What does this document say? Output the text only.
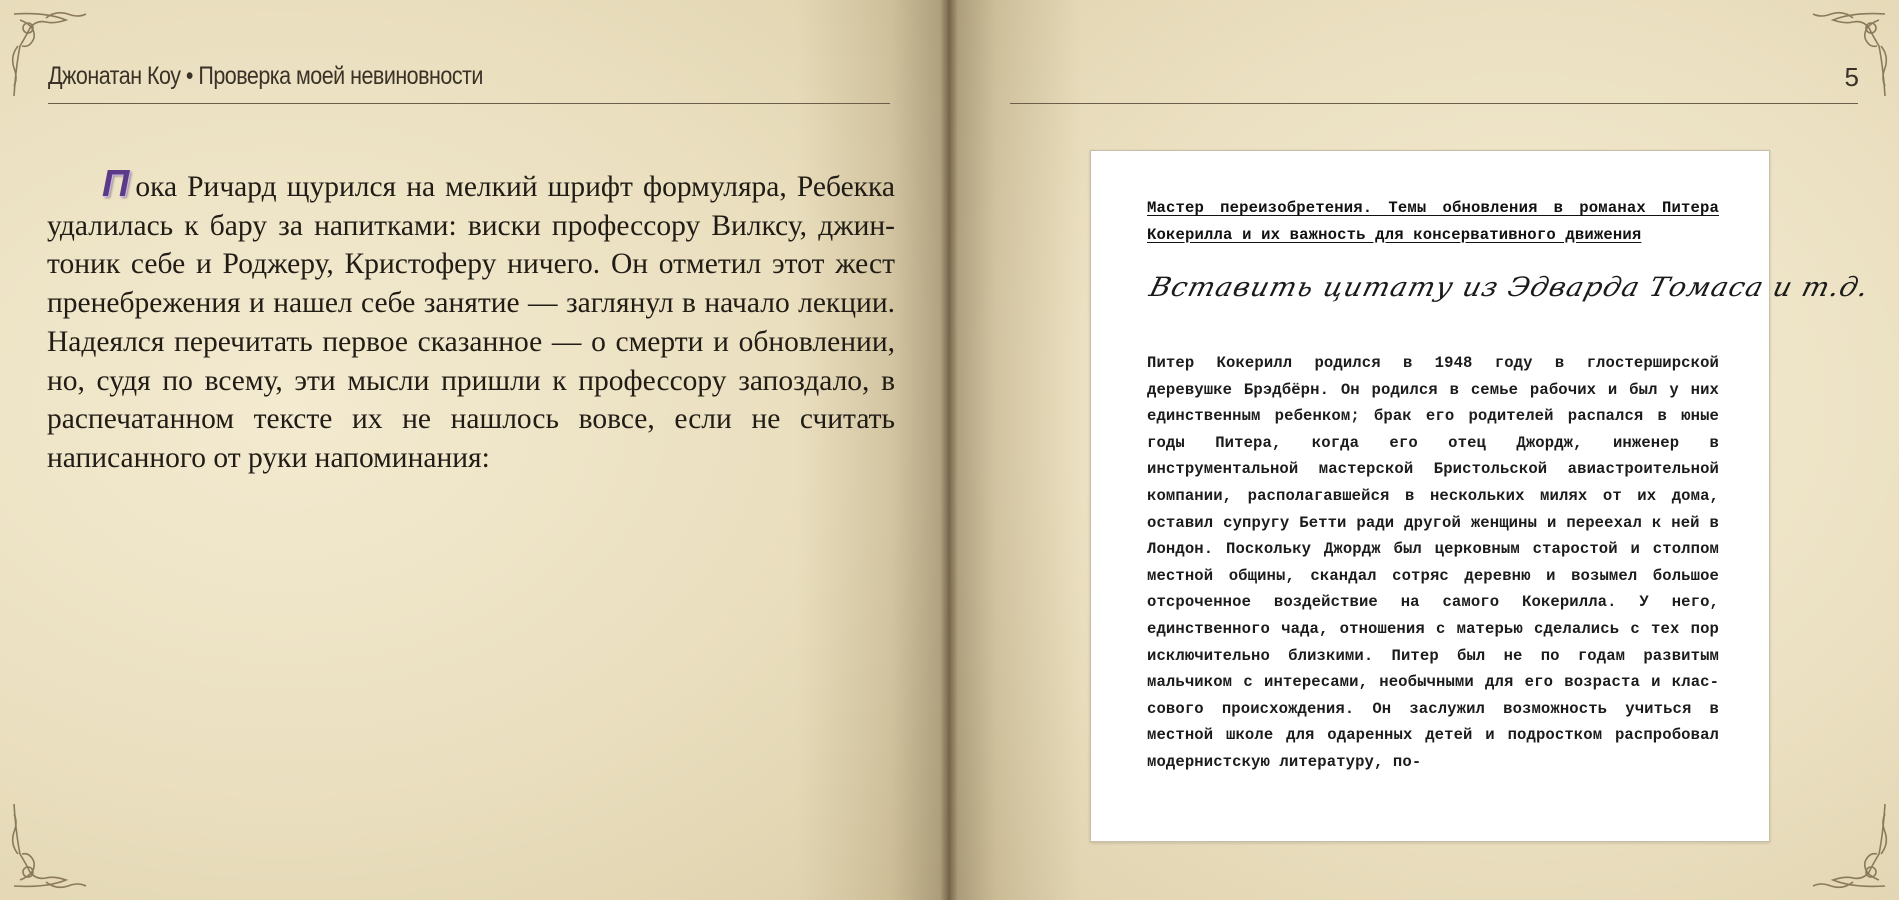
Джонатан Коу • Проверка моей невиновности
П ока Ричард щурился на мелкий шрифт формуляра, Ребекка удалилась к бару за напитками: виски профессору Вилксу, джин-тоник себе и Роджеру, Кристоферу ничего. Он отметил этот жест пренебрежения и нашел себе занятие — заглянул в начало лекции. Надеялся перечитать первое сказанное — о смерти и обновлении, но, судя по всему, эти мысли пришли к профессору запоздало, в распечатанном тексте их не нашлось вовсе, если не считать написанного от руки напоминания:
5
Мастер переизобретения. Темы обновления в романах Питера Кокерилла и их важность для консервативного движения
Вставить цитату из Эдварда Томаса и т.д.
Питер Кокерилл родился в 1948 году в глостерширской деревушке Брэдбёрн. Он родился в семье рабочих и был у них единственным ребенком; брак его родителей распался в юные годы Питера, когда его отец Джордж, инженер в инструментальной мастерской Бристольской авиастроительной компании, располагавшейся в нескольких милях от их дома, оставил супругу Бетти ради другой женщины и переехал к ней в Лондон. Поскольку Джордж был церковным старостой и столпом местной общины, скандал сотряс деревню и возымел большое отсроченное воздействие на самого Кокерилла. У него, единственного чада, отношения с матерью сделались с тех пор исключительно близкими. Питер был не по годам развитым мальчиком с интересами, необычными для его возраста и классового происхождения. Он заслужил возможность учиться в местной школе для одаренных детей и подростком распробовал модернистскую литературу, по-
